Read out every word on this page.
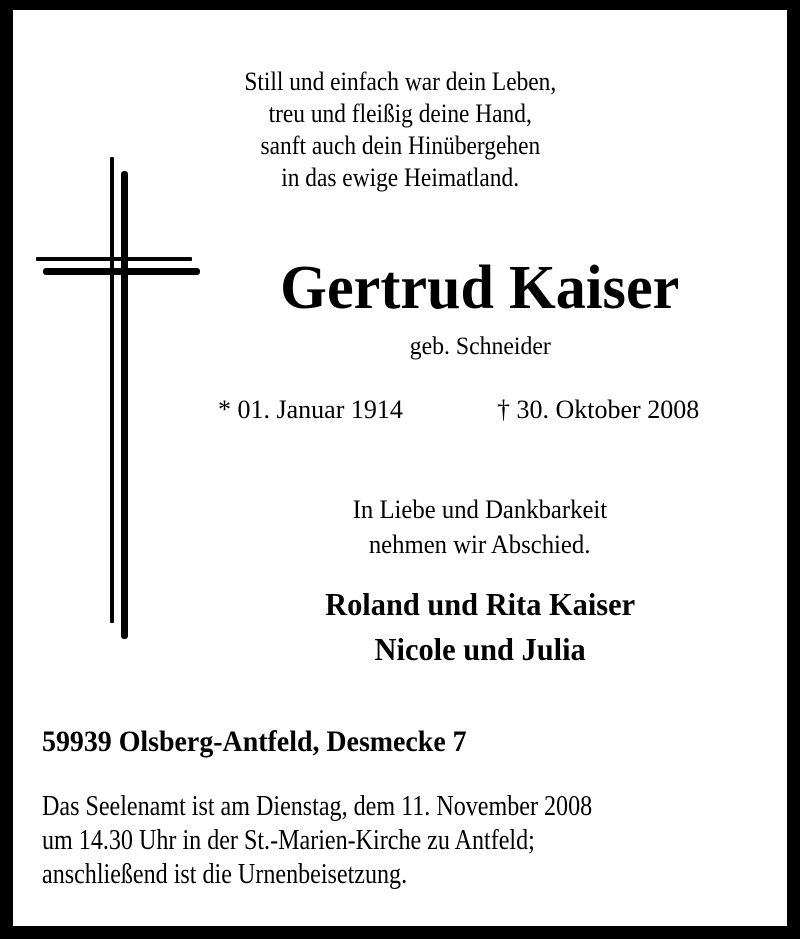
Still und einfach war dein Leben,
treu und fleißig deine Hand,
sanft auch dein Hinübergehen
in das ewige Heimatland.
Gertrud Kaiser
geb. Schneider
* 01. Januar 1914	† 30. Oktober 2008
In Liebe und Dankbarkeit
nehmen wir Abschied.
Roland und Rita Kaiser
Nicole und Julia
59939 Olsberg-Antfeld, Desmecke 7
Das Seelenamt ist am Dienstag, dem 11. November 2008
um 14.30 Uhr in der St.-Marien-Kirche zu Antfeld;
anschließend ist die Urnenbeisetzung.
